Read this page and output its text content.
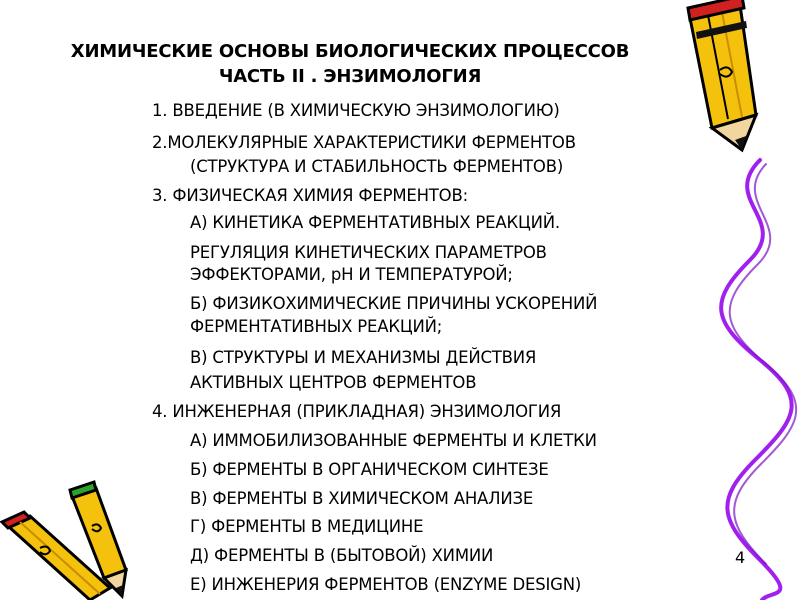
ХИМИЧЕСКИЕ ОСНОВЫ БИОЛОГИЧЕСКИХ ПРОЦЕССОВ
ЧАСТЬ II . ЭНЗИМОЛОГИЯ
1. ВВЕДЕНИЕ (В ХИМИЧЕСКУЮ ЭНЗИМОЛОГИЮ)
2.МОЛЕКУЛЯРНЫЕ ХАРАКТЕРИСТИКИ ФЕРМЕНТОВ
(СТРУКТУРА И СТАБИЛЬНОСТЬ ФЕРМЕНТОВ)
3. ФИЗИЧЕСКАЯ ХИМИЯ ФЕРМЕНТОВ:
А) КИНЕТИКА ФЕРМЕНТАТИВНЫХ РЕАКЦИЙ.
РЕГУЛЯЦИЯ КИНЕТИЧЕСКИХ ПАРАМЕТРОВ
ЭФФЕКТОРАМИ, pH И ТЕМПЕРАТУРОЙ;
Б) ФИЗИКОХИМИЧЕСКИЕ ПРИЧИНЫ УСКОРЕНИЙ
ФЕРМЕНТАТИВНЫХ РЕАКЦИЙ;
В) СТРУКТУРЫ И МЕХАНИЗМЫ ДЕЙСТВИЯ
АКТИВНЫХ ЦЕНТРОВ ФЕРМЕНТОВ
4. ИНЖЕНЕРНАЯ (ПРИКЛАДНАЯ) ЭНЗИМОЛОГИЯ
А) ИММОБИЛИЗОВАННЫЕ ФЕРМЕНТЫ И КЛЕТКИ
Б) ФЕРМЕНТЫ В ОРГАНИЧЕСКОМ СИНТЕЗЕ
В) ФЕРМЕНТЫ В ХИМИЧЕСКОМ АНАЛИЗЕ
Г) ФЕРМЕНТЫ В МЕДИЦИНЕ
Д) ФЕРМЕНТЫ В (БЫТОВОЙ) ХИМИИ
Е) ИНЖЕНЕРИЯ ФЕРМЕНТОВ (ENZYME DESIGN)
4
